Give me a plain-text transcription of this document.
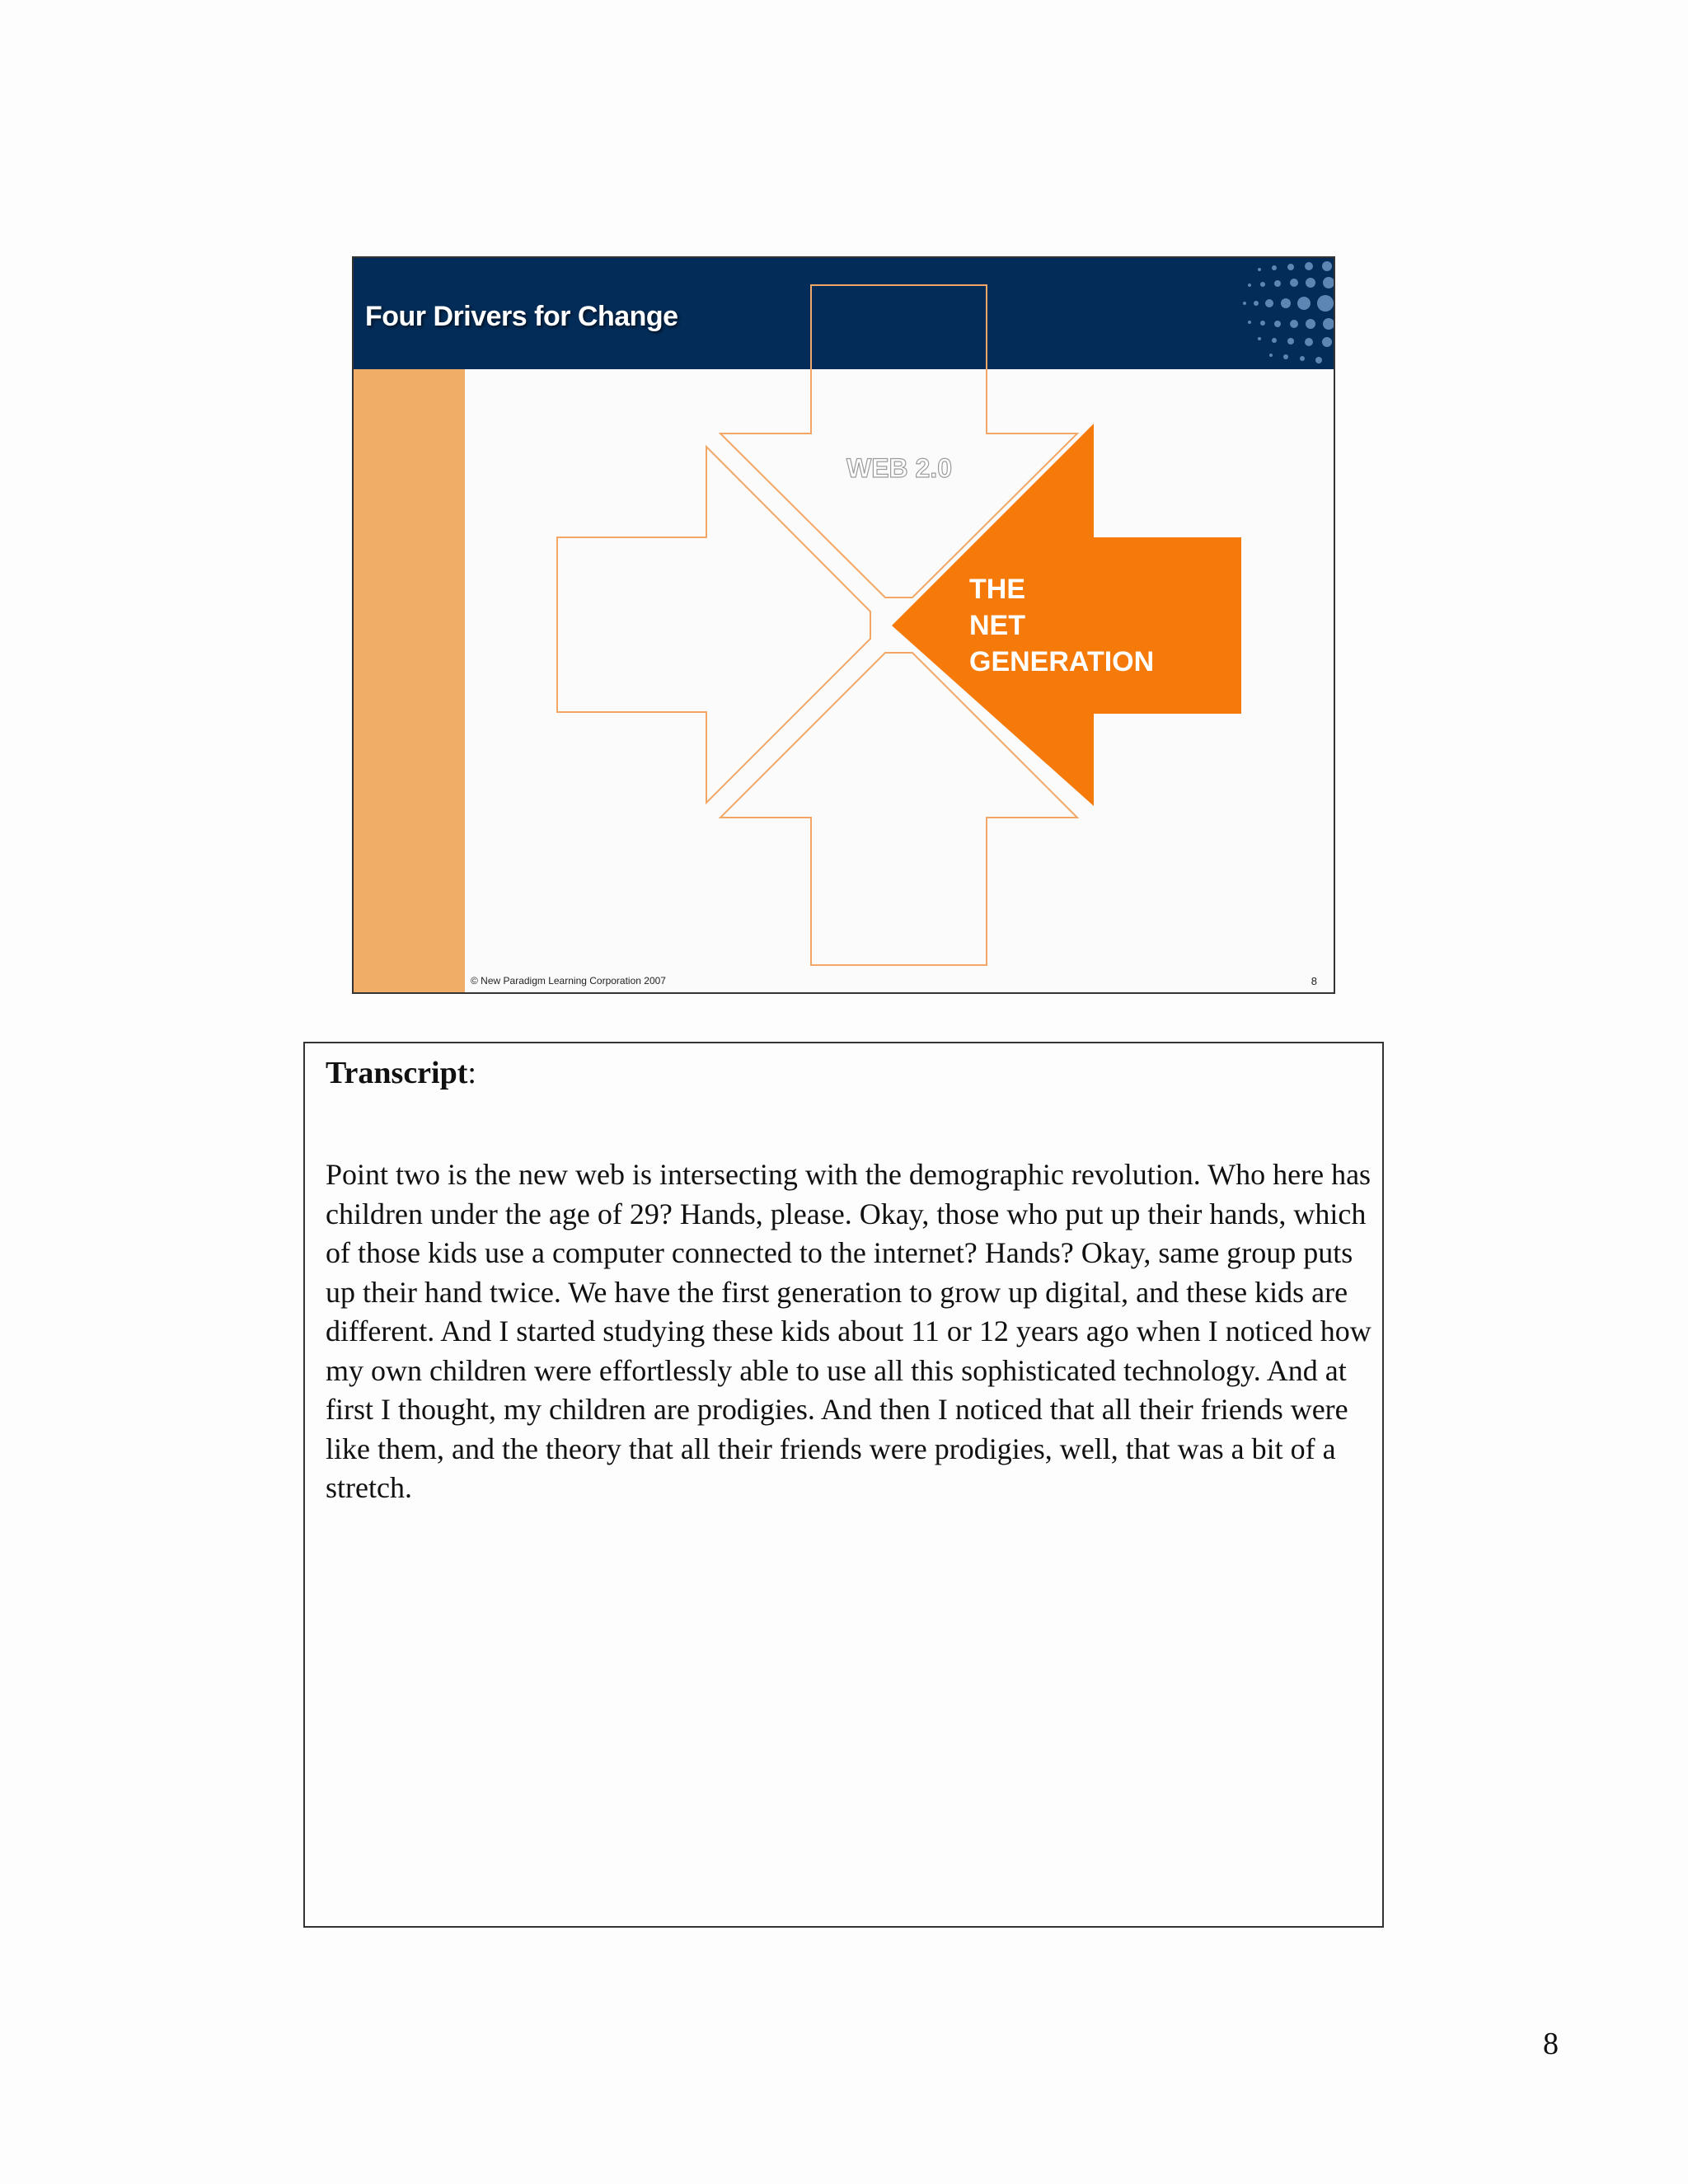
Four Drivers for Change
WEB 2.0
THE
NET
GENERATION

© New Paradigm Learning Corporation 2007	8

Transcript:

Point two is the new web is intersecting with the demographic revolution. Who here has children under the age of 29? Hands, please. Okay, those who put up their hands, which of those kids use a computer connected to the internet? Hands? Okay, same group puts up their hand twice. We have the first generation to grow up digital, and these kids are different. And I started studying these kids about 11 or 12 years ago when I noticed how my own children were effortlessly able to use all this sophisticated technology. And at first I thought, my children are prodigies. And then I noticed that all their friends were like them, and the theory that all their friends were prodigies, well, that was a bit of a stretch.

8
